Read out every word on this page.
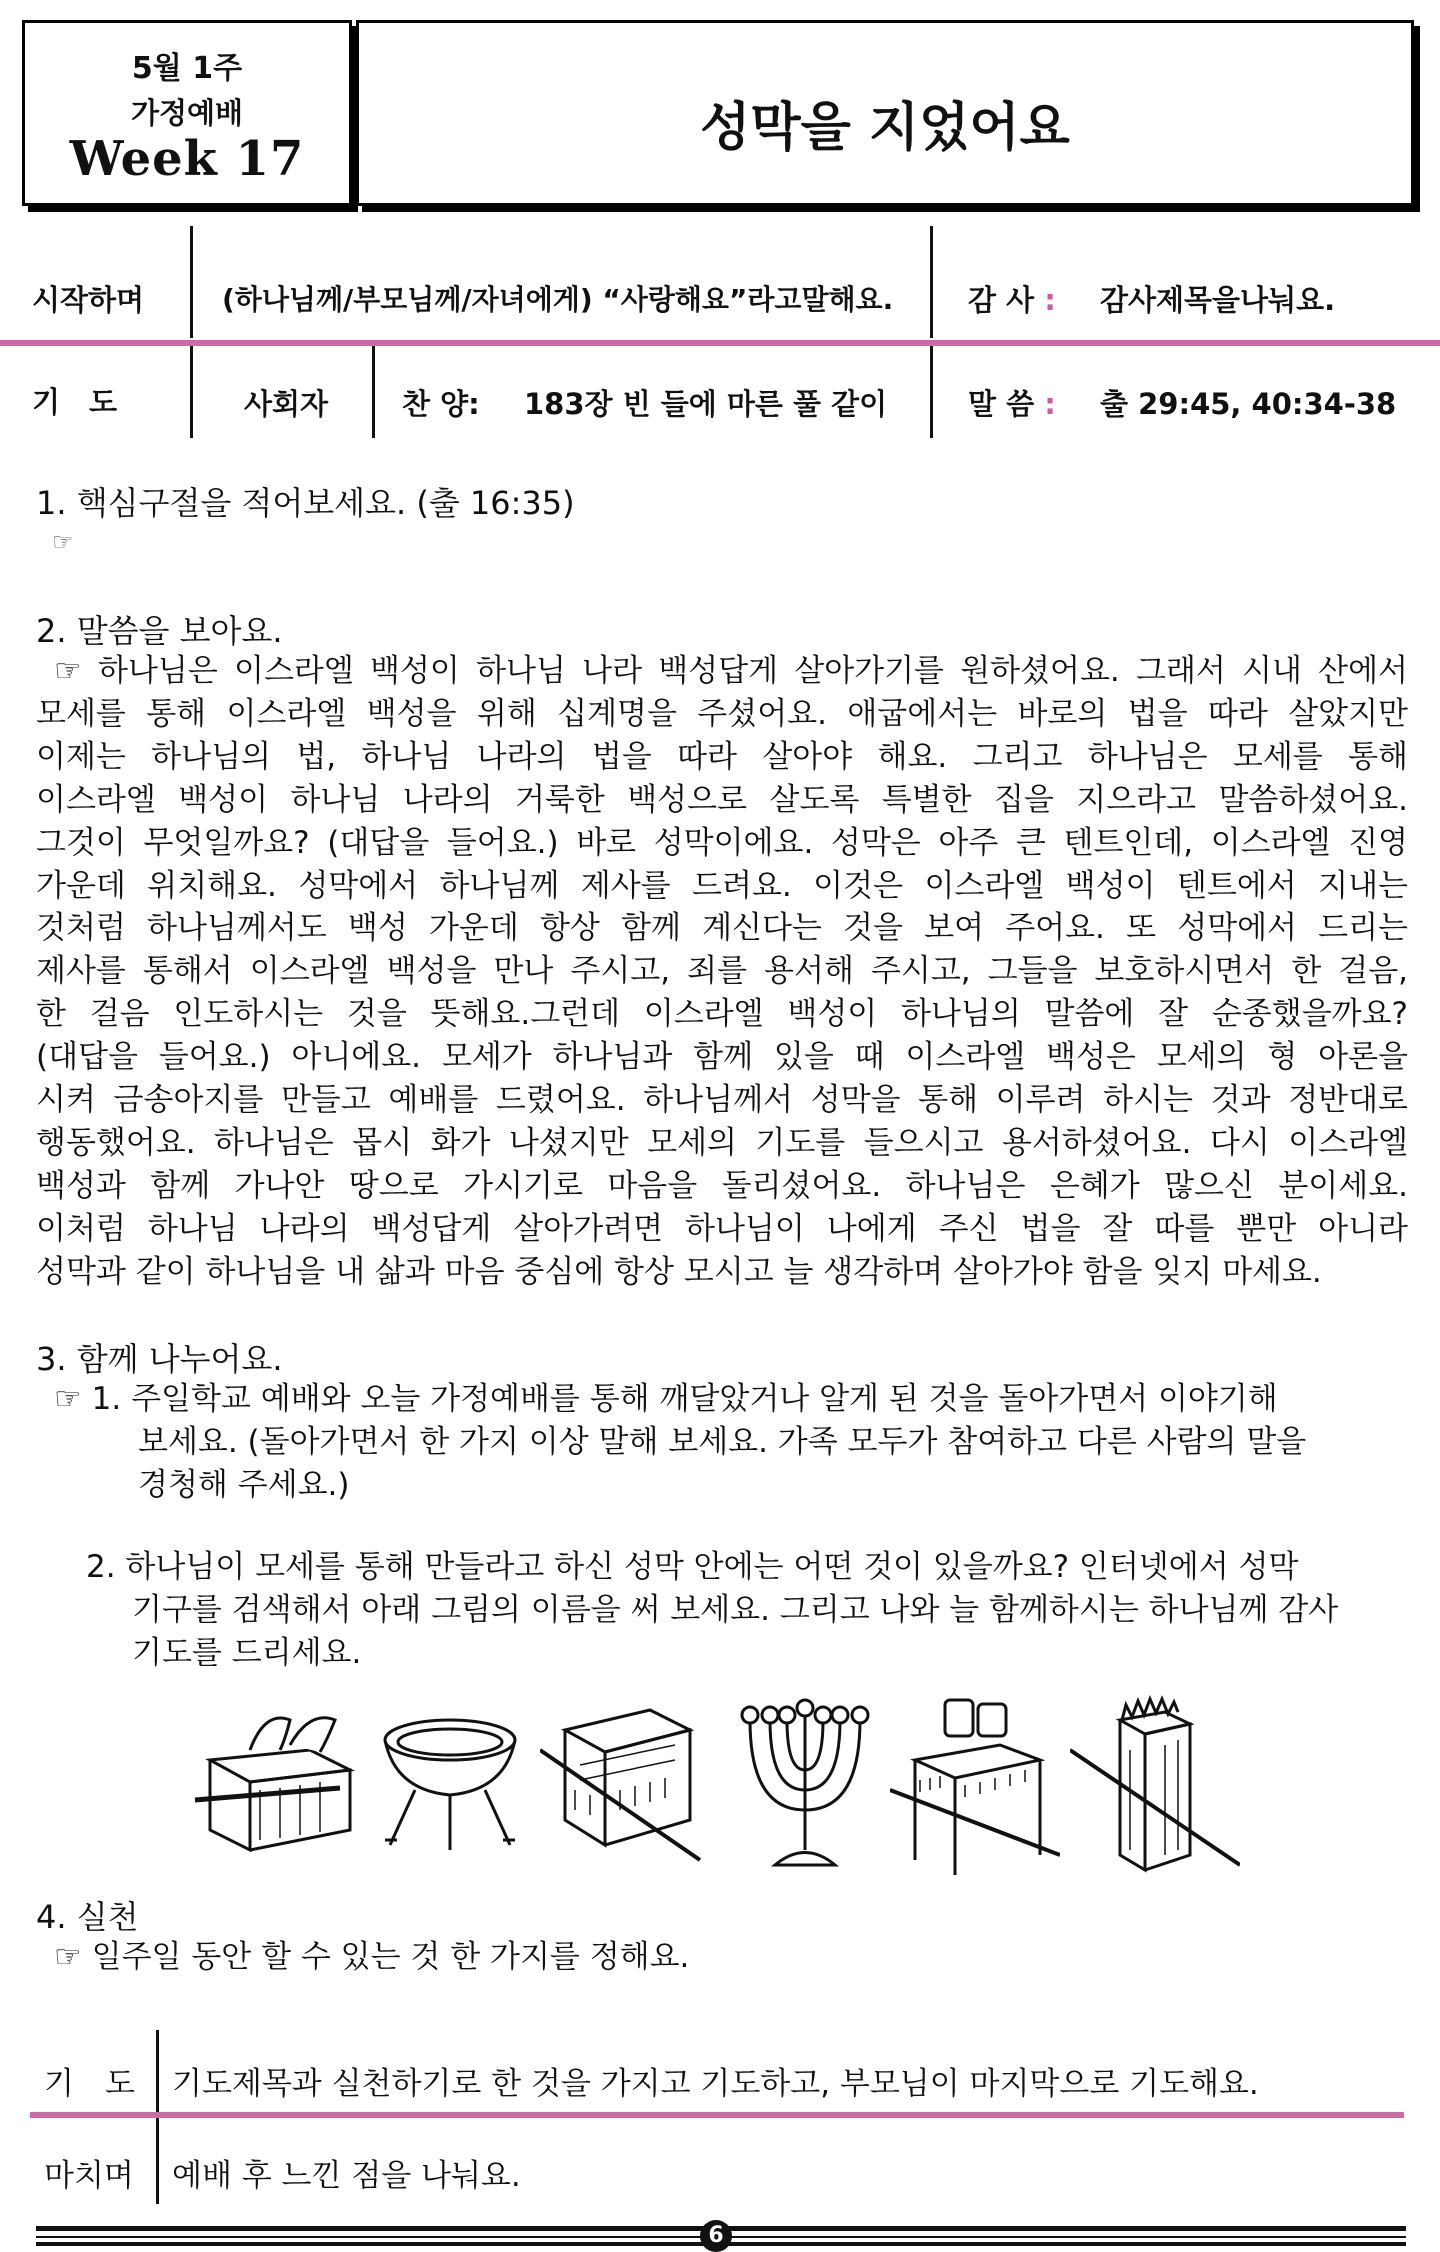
5월 1주
가정예배
Week 17
성막을 지었어요
시작하며	(하나님께/부모님께/자녀에게) “사랑해요”라고말해요.	감 사 : 감사제목을나눠요.
기　도	사회자	찬 양: 183장 빈 들에 마른 풀 같이	말 씀 : 출 29:45, 40:34-38
1. 핵심구절을 적어보세요. (출 16:35)
☞
2. 말씀을 보아요.
☞ 하나님은 이스라엘 백성이 하나님 나라 백성답게 살아가기를 원하셨어요. 그래서 시내 산에서
모세를 통해 이스라엘 백성을 위해 십계명을 주셨어요. 애굽에서는 바로의 법을 따라 살았지만
이제는 하나님의 법, 하나님 나라의 법을 따라 살아야 해요. 그리고 하나님은 모세를 통해
이스라엘 백성이 하나님 나라의 거룩한 백성으로 살도록 특별한 집을 지으라고 말씀하셨어요.
그것이 무엇일까요? (대답을 들어요.) 바로 성막이에요. 성막은 아주 큰 텐트인데, 이스라엘 진영
가운데 위치해요. 성막에서 하나님께 제사를 드려요. 이것은 이스라엘 백성이 텐트에서 지내는
것처럼 하나님께서도 백성 가운데 항상 함께 계신다는 것을 보여 주어요. 또 성막에서 드리는
제사를 통해서 이스라엘 백성을 만나 주시고, 죄를 용서해 주시고, 그들을 보호하시면서 한 걸음,
한 걸음 인도하시는 것을 뜻해요.그런데 이스라엘 백성이 하나님의 말씀에 잘 순종했을까요?
(대답을 들어요.) 아니에요. 모세가 하나님과 함께 있을 때 이스라엘 백성은 모세의 형 아론을
시켜 금송아지를 만들고 예배를 드렸어요. 하나님께서 성막을 통해 이루려 하시는 것과 정반대로
행동했어요. 하나님은 몹시 화가 나셨지만 모세의 기도를 들으시고 용서하셨어요. 다시 이스라엘
백성과 함께 가나안 땅으로 가시기로 마음을 돌리셨어요. 하나님은 은혜가 많으신 분이세요.
이처럼 하나님 나라의 백성답게 살아가려면 하나님이 나에게 주신 법을 잘 따를 뿐만 아니라
성막과 같이 하나님을 내 삶과 마음 중심에 항상 모시고 늘 생각하며 살아가야 함을 잊지 마세요.
3. 함께 나누어요.
☞ 1. 주일학교 예배와 오늘 가정예배를 통해 깨달았거나 알게 된 것을 돌아가면서 이야기해
보세요. (돌아가면서 한 가지 이상 말해 보세요. 가족 모두가 참여하고 다른 사람의 말을
경청해 주세요.)
2. 하나님이 모세를 통해 만들라고 하신 성막 안에는 어떤 것이 있을까요? 인터넷에서 성막
기구를 검색해서 아래 그림의 이름을 써 보세요. 그리고 나와 늘 함께하시는 하나님께 감사
기도를 드리세요.
4. 실천
☞ 일주일 동안 할 수 있는 것 한 가지를 정해요.
기　도 기도제목과 실천하기로 한 것을 가지고 기도하고, 부모님이 마지막으로 기도해요.
마치며 예배 후 느낀 점을 나눠요.
6
